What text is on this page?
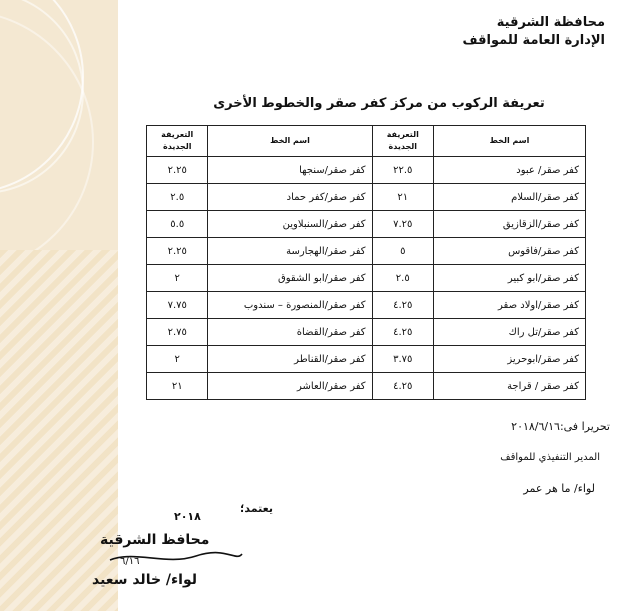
محافظة الشرقية
الإدارة العامة للمواقف
تعريفة الركوب من مركز كفر صقر والخطوط الأخرى
اسم الخط	التعريفة الجديدة	اسم الخط	التعريفة الجديدة
كفر صقر/ عبود	٢٢.٥	كفر صقر/سنجها	٢.٢٥
كفر صقر/السلام	٢١	كفر صقر/كفر حماد	٢.٥
كفر صقر/الزقازيق	٧.٢٥	كفر صقر/السنبلاوين	٥.٥
كفر صقر/فاقوس	٥	كفر صقر/الهجارسة	٢.٢٥
كفر صقر/ابو كبير	٢.٥	كفر صقر/ابو الشقوق	٢
كفر صقر/اولاد صقر	٤.٢٥	كفر صقر/المنصورة – سندوب	٧.٧٥
كفر صقر/تل راك	٤.٢٥	كفر صقر/القضاة	٢.٧٥
كفر صقر/ابوحريز	٣.٧٥	كفر صقر/القناطر	٢
كفر صقر / قراجة	٤.٢٥	كفر صقر/العاشر	٢١
تحريرا فى:٢٠١٨/٦/١٦
المدير التنفيذي للمواقف
لواء/ ما هر عمر
يعتمد؛
٢٠١٨
محافظ الشرقية
٦/١٦
لواء/ خالد سعيد
